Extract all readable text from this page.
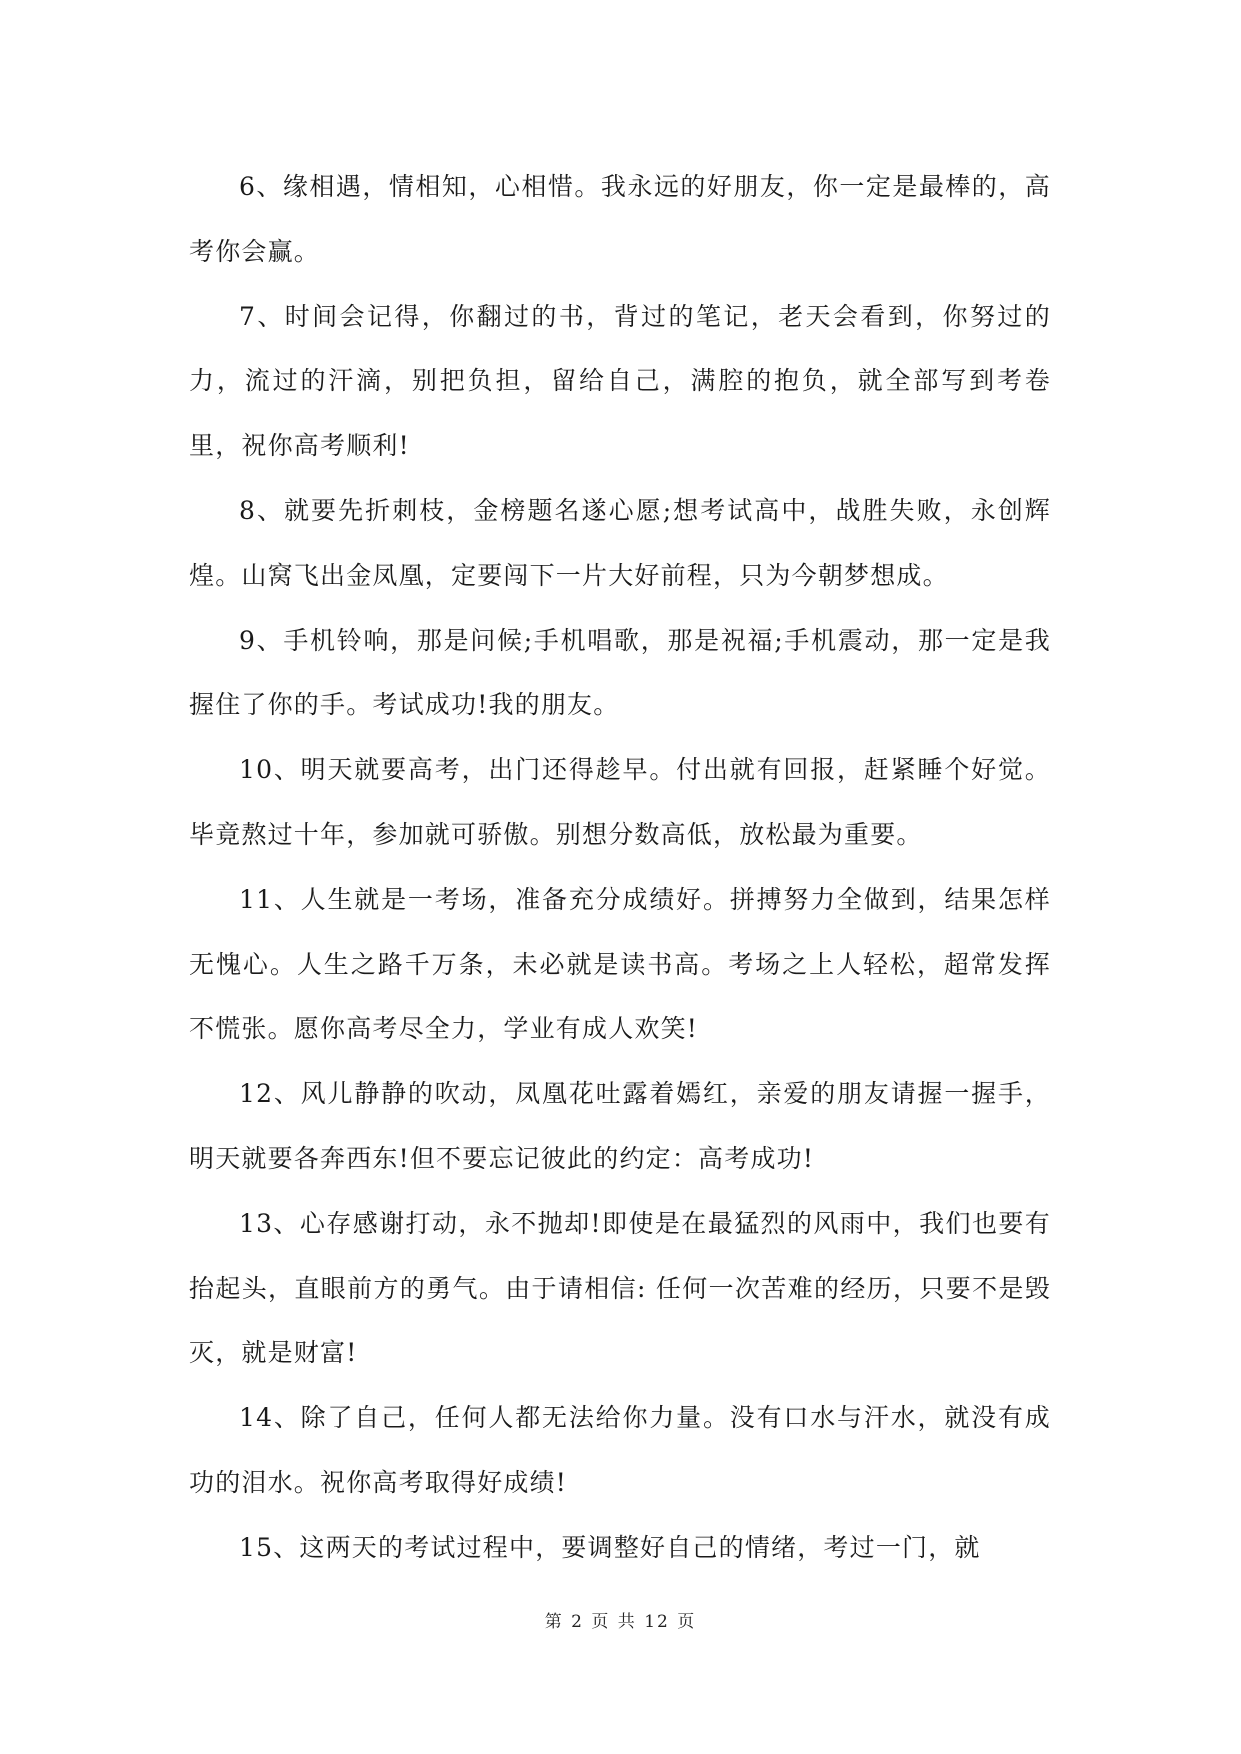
6、缘相遇，情相知，心相惜。我永远的好朋友，你一定是最棒的，高考你会赢。

7、时间会记得，你翻过的书，背过的笔记，老天会看到，你努过的力，流过的汗滴，别把负担，留给自己，满腔的抱负，就全部写到考卷里，祝你高考顺利!

8、就要先折刺枝，金榜题名遂心愿;想考试高中，战胜失败，永创辉煌。山窝飞出金凤凰，定要闯下一片大好前程，只为今朝梦想成。

9、手机铃响，那是问候;手机唱歌，那是祝福;手机震动，那一定是我握住了你的手。考试成功!我的朋友。

10、明天就要高考，出门还得趁早。付出就有回报，赶紧睡个好觉。毕竟熬过十年，参加就可骄傲。别想分数高低，放松最为重要。

11、人生就是一考场，准备充分成绩好。拼搏努力全做到，结果怎样无愧心。人生之路千万条，未必就是读书高。考场之上人轻松，超常发挥不慌张。愿你高考尽全力，学业有成人欢笑!

12、风儿静静的吹动，凤凰花吐露着嫣红，亲爱的朋友请握一握手，明天就要各奔西东!但不要忘记彼此的约定：高考成功!

13、心存感谢打动，永不抛却!即使是在最猛烈的风雨中，我们也要有抬起头，直眼前方的勇气。由于请相信: 任何一次苦难的经历，只要不是毁灭，就是财富!

14、除了自己，任何人都无法给你力量。没有口水与汗水，就没有成功的泪水。祝你高考取得好成绩!

15、这两天的考试过程中，要调整好自己的情绪，考过一门，就

第 2 页 共 12 页
